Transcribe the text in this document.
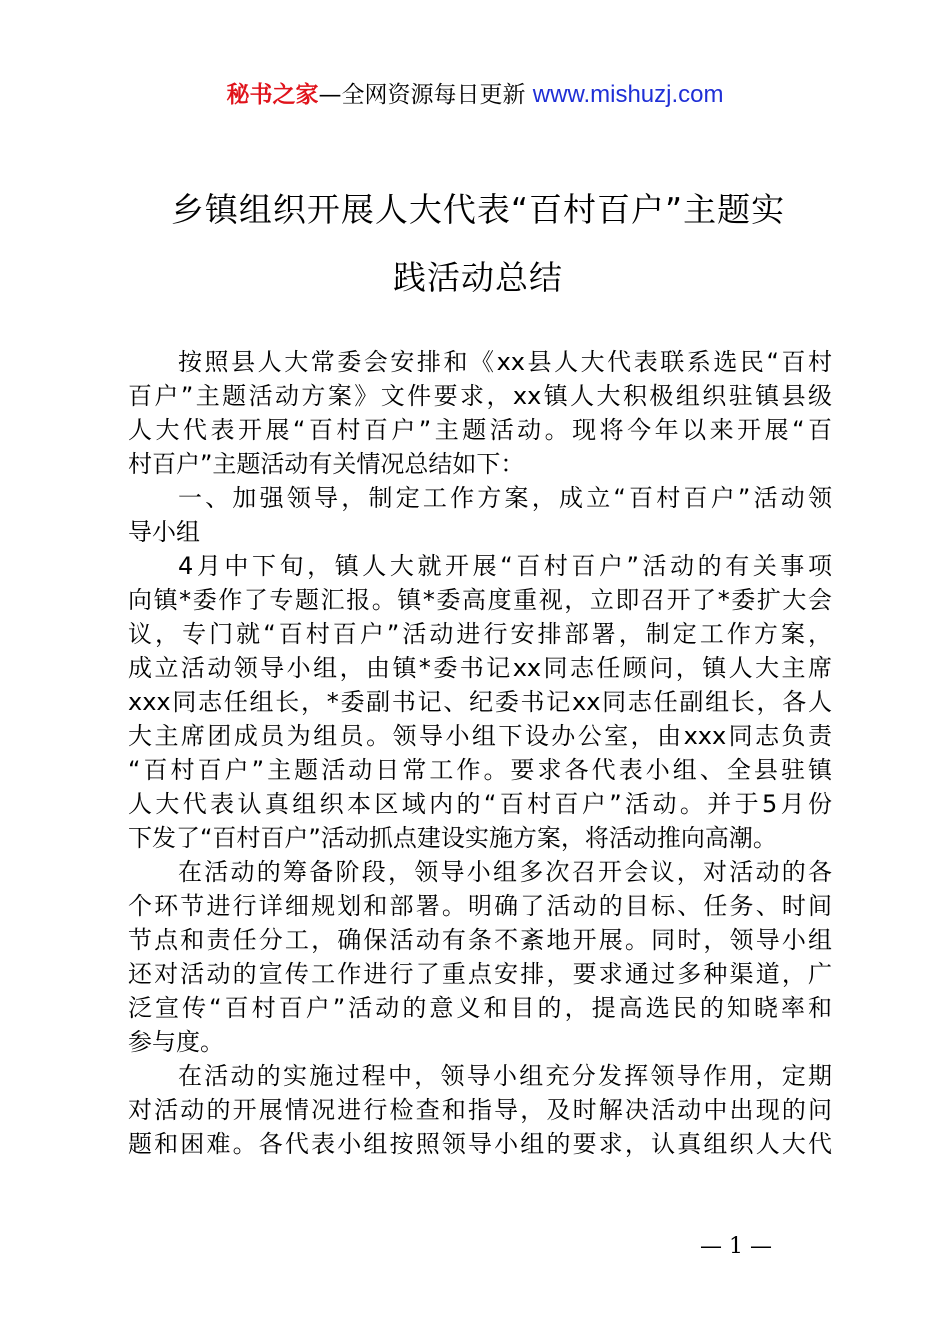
秘书之家—全网资源每日更新 www.mishuzj.com
乡镇组织开展人大代表“百村百户”主题实
践活动总结
按照县人大常委会安排和《xx县人大代表联系选民“百村
百户”主题活动方案》文件要求，xx镇人大积极组织驻镇县级
人大代表开展“百村百户”主题活动。现将今年以来开展“百
村百户”主题活动有关情况总结如下：
一、加强领导，制定工作方案，成立“百村百户”活动领
导小组
4月中下旬，镇人大就开展“百村百户”活动的有关事项
向镇*委作了专题汇报。镇*委高度重视，立即召开了*委扩大会
议，专门就“百村百户”活动进行安排部署，制定工作方案，
成立活动领导小组，由镇*委书记xx同志任顾问，镇人大主席
xxx同志任组长，*委副书记、纪委书记xx同志任副组长，各人
大主席团成员为组员。领导小组下设办公室，由xxx同志负责
“百村百户”主题活动日常工作。要求各代表小组、全县驻镇
人大代表认真组织本区域内的“百村百户”活动。并于5月份
下发了“百村百户”活动抓点建设实施方案，将活动推向高潮。
在活动的筹备阶段，领导小组多次召开会议，对活动的各
个环节进行详细规划和部署。明确了活动的目标、任务、时间
节点和责任分工，确保活动有条不紊地开展。同时，领导小组
还对活动的宣传工作进行了重点安排，要求通过多种渠道，广
泛宣传“百村百户”活动的意义和目的，提高选民的知晓率和
参与度。
在活动的实施过程中，领导小组充分发挥领导作用，定期
对活动的开展情况进行检查和指导，及时解决活动中出现的问
题和困难。各代表小组按照领导小组的要求，认真组织人大代
— 1 —
